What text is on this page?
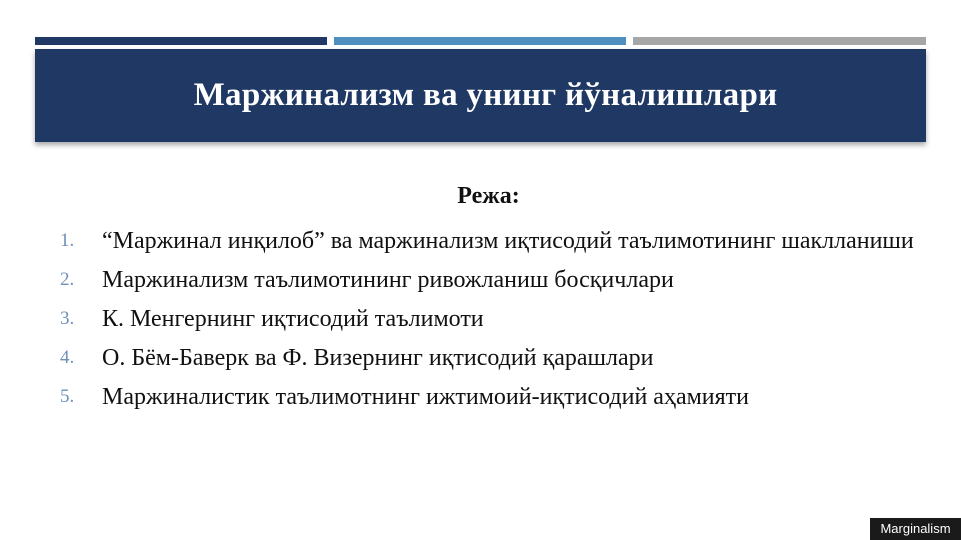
Маржинализм ва унинг йўналишлари
Режа:
1.	“Маржинал инқилоб” ва маржинализм иқтисодий таълимотининг шаклланиши
2.	Маржинализм таълимотининг ривожланиш босқичлари
3.	К. Менгернинг иқтисодий таълимоти
4.	О. Бём-Баверк ва Ф. Визернинг иқтисодий қарашлари
5.	Маржиналистик таълимотнинг ижтимоий-иқтисодий аҳамияти
Marginalism
